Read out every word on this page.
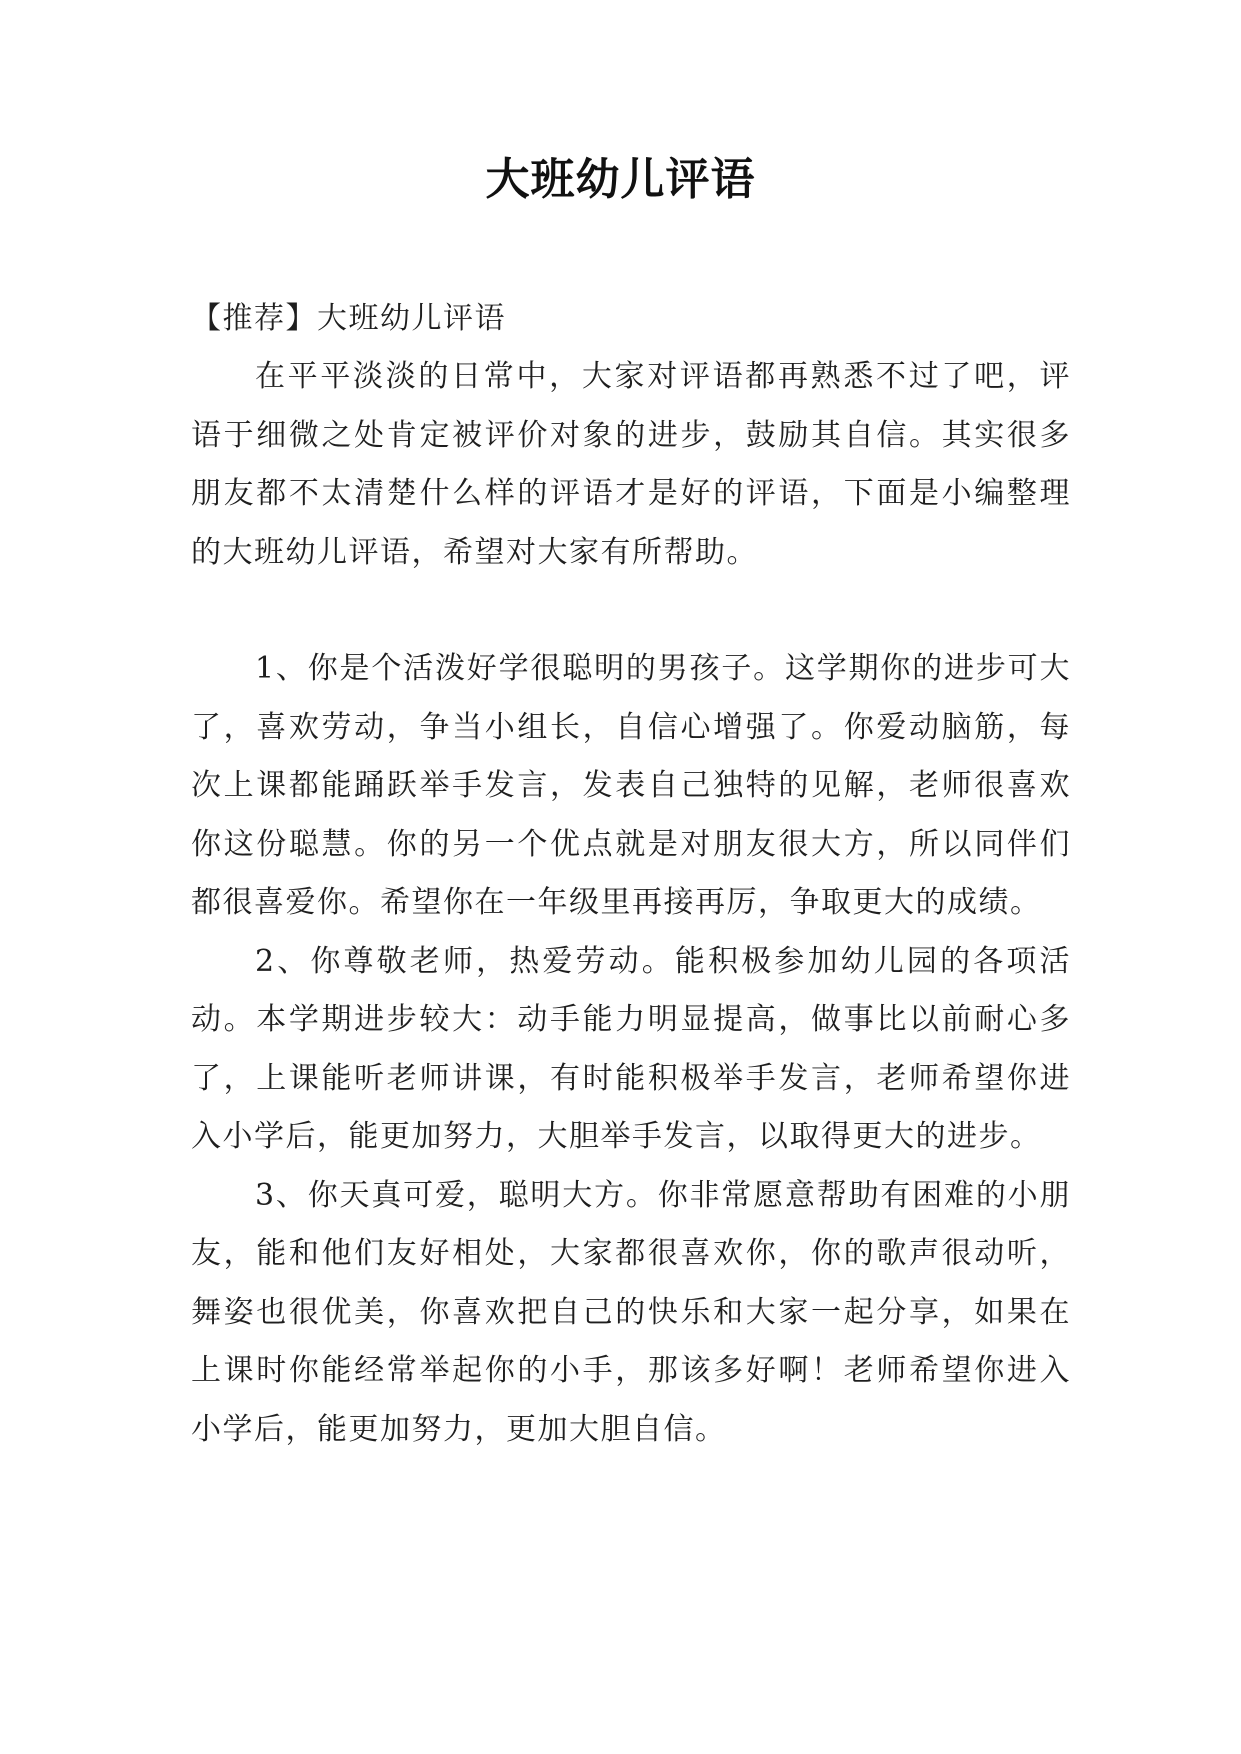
大班幼儿评语
【推荐】大班幼儿评语

在平平淡淡的日常中，大家对评语都再熟悉不过了吧，评语于细微之处肯定被评价对象的进步，鼓励其自信。其实很多朋友都不太清楚什么样的评语才是好的评语，下面是小编整理的大班幼儿评语，希望对大家有所帮助。

1、你是个活泼好学很聪明的男孩子。这学期你的进步可大了，喜欢劳动，争当小组长，自信心增强了。你爱动脑筋，每次上课都能踊跃举手发言，发表自己独特的见解，老师很喜欢你这份聪慧。你的另一个优点就是对朋友很大方，所以同伴们都很喜爱你。希望你在一年级里再接再厉，争取更大的成绩。

2、你尊敬老师，热爱劳动。能积极参加幼儿园的各项活动。本学期进步较大：动手能力明显提高，做事比以前耐心多了，上课能听老师讲课，有时能积极举手发言，老师希望你进入小学后，能更加努力，大胆举手发言，以取得更大的进步。

3、你天真可爱，聪明大方。你非常愿意帮助有困难的小朋友，能和他们友好相处，大家都很喜欢你，你的歌声很动听，舞姿也很优美，你喜欢把自己的快乐和大家一起分享，如果在上课时你能经常举起你的小手，那该多好啊！老师希望你进入小学后，能更加努力，更加大胆自信。
